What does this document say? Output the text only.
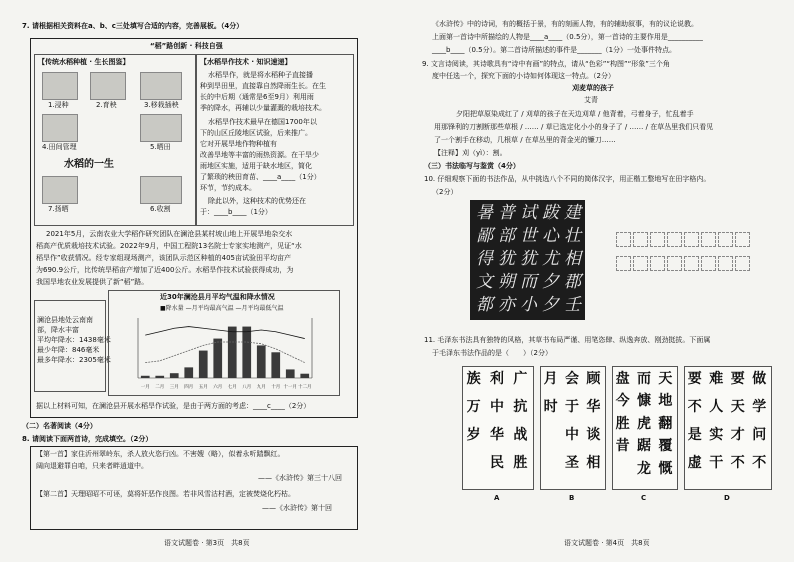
7. 请根据相关资料在a、b、c三处填写合适的内容，完善展板。（4分）
“稻”路创新 · 科技自强
【传统水稻种植 · 生长图鉴】
1.浸种	2.育秧	3.移栽插秧
4.田间管理	5.晒田
水稻的一生
6.收割
7.扬晒
【水稻旱作技术 · 知识速递】
水稻旱作，就是将水稻种子直接播
种到旱田里，直接靠自然降雨生长。在生
长的中后期（通常是6至9月）利用雨
季的降水，再辅以少量灌溉的栽培技术。
水稻旱作技术最早在德国1700年以
下的山区丘陵地区试验，后来推广。
它对开展旱地作物种植有
改善旱地等丰富的雨热资源。在干旱少
雨地区实施，适用于缺水地区，简化
了繁琐的秧田育苗、____a____（1分）
环节，节约成本。
除此以外，这种技术的优势还在
于：____b____（1分）
2021年5月，云南农业大学稻作研究团队在澜沧县某村坡山地上开展旱地杂交水
稻高产优质栽培技术试验。2022年9月，中国工程院13名院士专家实地测产，见证“水
稻旱作”收获情况。经专家组现场测产，该团队示范区种植的405亩试验田平均亩产
为690.9公斤，比传统旱稻亩产增加了近400公斤。水稻旱作技术试验获得成功，为
我国旱地农业发展提供了新“稻”路。
澜沧县地处云南南
部，降水丰富
平均年降水：1438毫米
最少年降：846毫米
最多年降水：2305毫米
近30年澜沧县月平均气温和降水情况
■降水量 —月平均最高气温 —月平均最低气温
一月 二月 三月 四月 五月 六月 七月 八月 九月 十月 十一月 十二月
据以上材料可知，在澜沧县开展水稻旱作试验，是由于两方面的考虑：____c____（2分）
（二）名著阅读（4分）
8. 请阅读下面两首诗，完成填空。（2分）
【第一首】家住沂州翠岭东，杀人放火恣行凶。不害嫂（略），似着永听踏飘红。
阔向退避罪自咱，只来者畔逍道中。
——《水浒传》第三十八回
【第二首】天理昭昭不可诬，莫将奸恶作良图。若非风雪沽村酒，定被焚烧化朽枯。
——《水浒传》第十回
语文试题卷 · 第3页　共8页
《水浒传》中的诗词，有的概括于景，有的刻画人物，有的辅助叙事，有的议论说教。
上面第一首诗中所描绘的人物是____a____（0.5分），第一首诗的主要作用是__________
____b____（0.5分）。第二首诗所描述的事件是_______（1分）一处事件特点。
9. 文言诗阅读，其诗歌具有“诗中有画”的特点，请从“色彩”“构图”“形象”三个角
度中任选一个，探究下面的小诗如何体现这一特点。（2分）
刈麦草的孩子
艾青
夕阳把草原染成红了 / 刈草的孩子在天边刈草 / 他背着，弓着身子，忙乱着手
用那锋利的刀割断那些草根 / …… / 草已选定化小小的身子了 / …… / 在草丛里我们只看见
了一个割手在移动，几根草 / 在草丛里的背金光的镰刀……
【注释】刈（yì）：割。
（三）书法临写与鉴赏（4分）
10. 仔细观察下面的书法作品，从中挑选八个不同的简体汉字，用正楷工整地写在田字格内。
（2分）
建
壮
相
郡
壬
跋
心
尤
夕
夕
试
世
犹
而
小
普
部
犹
朔
亦
暑
鄙
得
文
都
11. 毛泽东书法具有独特的风格，其草书布局严谨、用笔恣肆、纵逸奔放、刚劲挺拔。下面属
于毛泽东书法作品的是（　　）（2分）
广
抗
战
胜
利
中
华
民
族
万
岁
顾
华
谈
相
会
于
中
圣
月
时
天
地
翻
覆
慨
而
慷
虎
踞
龙
盘
今
胜
昔
做
学
问
不
要
天
才
不
难
人
实
干
要
不
是
虚
A	B	C	D
语文试题卷 · 第4页　共8页
